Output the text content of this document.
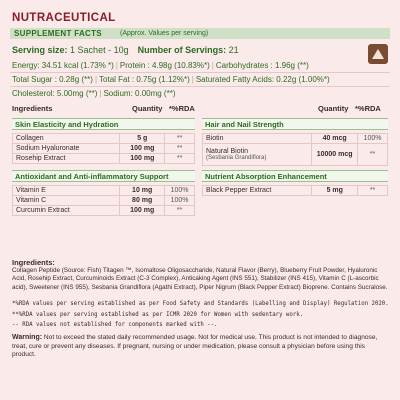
NUTRACEUTICAL
SUPPLEMENT FACTS	(Approx. Values per serving)
Serving size: 1 Sachet - 10g Number of Servings: 21
Energy: 34.51 kcal (1.73% *) | Protein : 4.98g (10.83%*) | Carbohydrates : 1.96g (**)
Total Sugar : 0.28g (**) | Total Fat : 0.75g (1.12%*) | Saturated Fatty Acids: 0.22g (1.00%*)
Cholesterol: 5.00mg (**) | Sodium: 0.00mg (**)
Ingredients	Quantity *%RDA	Quantity *%RDA
Skin Elasticity and Hydration
Collagen	5 g	**
Sodium Hyaluronate	100 mg	**
Rosehip Extract	100 mg	**
Antioxidant and Anti-inflammatory Support
Vitamin E	10 mg	100%
Vitamin C	80 mg	100%
Curcumin Extract	100 mg	**
Hair and Nail Strength
Biotin	40 mcg	100%
Natural Biotin
(Sesbania Grandiflora)	10000 mcg	**
Nutrient Absorption Enhancement
Black Pepper Extract	5 mg	**
Ingredients:
Collagen Peptide (Source: Fish) Titagen ™, Isomaltose Oligosaccharide, Natural Flavor (Berry), Blueberry Fruit Powder, Hyaluronic Acid, Rosehip Extract, Curcuminoids Extract (C-3 Complex), Anticaking Agent (INS 551), Stabilizer (INS 415), Vitamin C (L-ascorbic acid), Sweetener (INS 955), Sesbania Grandiflora (Agathi Extract), Piper Nigrum (Black Pepper Extract) Bioprene. Contains Sucralose.
*%RDA values per serving established as per Food Safety and Standards (Labelling and Display) Regulation 2020.
**%RDA values per serving established as per ICMR 2020 for Women with sedentary work.
-- RDA values not established for components marked with --.
Warning: Not to exceed the stated daily recommended usage. Not for medical use. This product is not intended to diagnose, treat, cure or prevent any diseases. If pregnant, nursing or under medication, please consult a physician before using this product.
